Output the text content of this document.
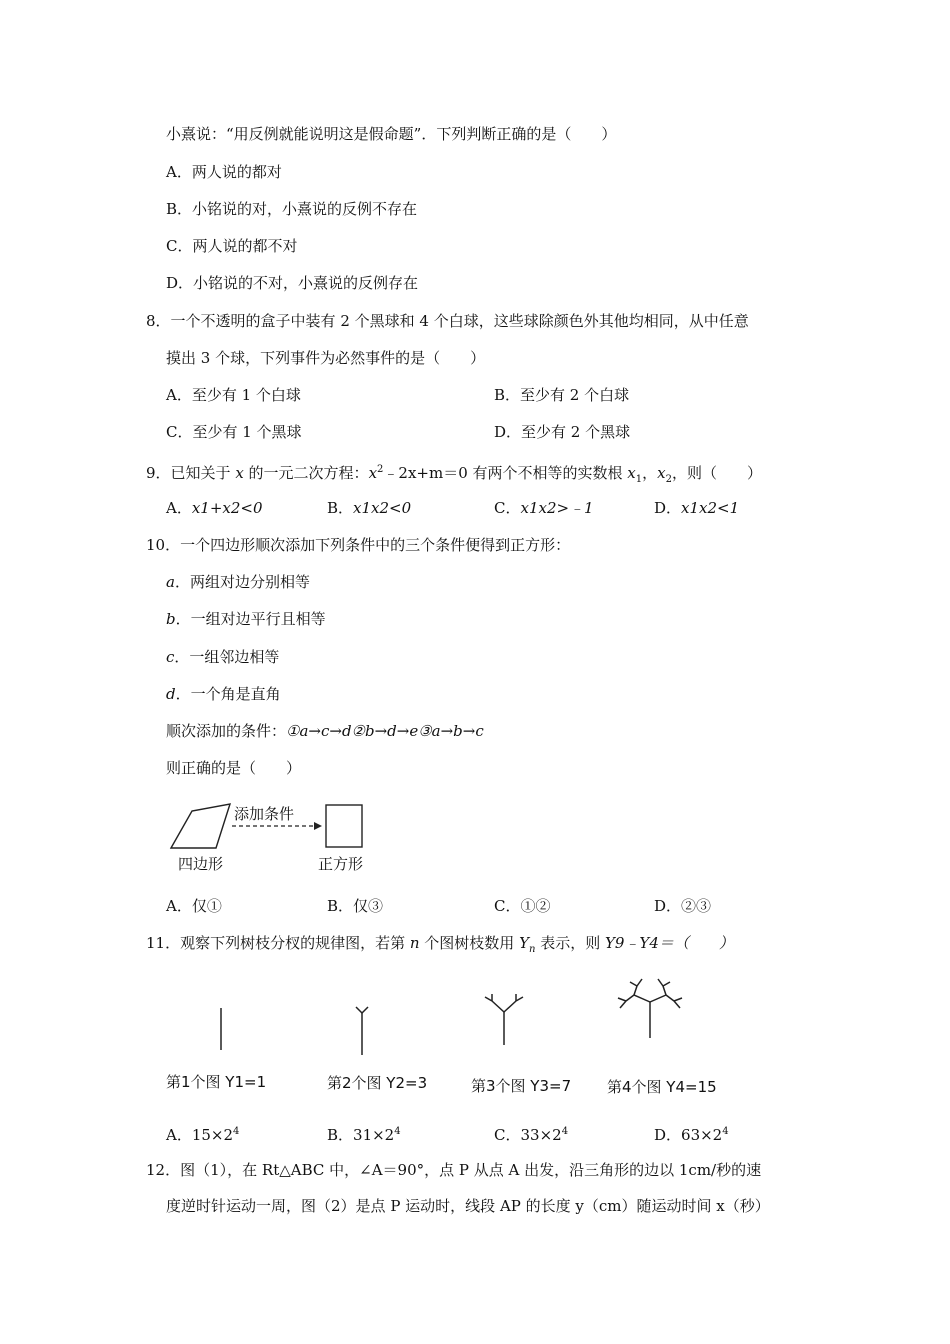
小熹说：“用反例就能说明这是假命题”．下列判断正确的是（　　）
A．两人说的都对
B．小铭说的对，小熹说的反例不存在
C．两人说的都不对
D．小铭说的不对，小熹说的反例存在
8．一个不透明的盒子中装有 2 个黑球和 4 个白球，这些球除颜色外其他均相同，从中任意
摸出 3 个球，下列事件为必然事件的是（　　）
A．至少有 1 个白球	B．至少有 2 个白球
C．至少有 1 个黑球	D．至少有 2 个黑球
9．已知关于 x 的一元二次方程：$x^2﹣2x+m=0$ 有两个不相等的实数根 $x_1$，$x_2$，则（　　）
A．x1+x2<0	B．x1x2<0	C．x1x2>﹣1	D．x1x2<1
10．一个四边形顺次添加下列条件中的三个条件便得到正方形：
a．两组对边分别相等
b．一组对边平行且相等
c．一组邻边相等
d．一个角是直角
顺次添加的条件：①a→c→d②b→d→e③a→b→c
则正确的是（　　）
添加条件
四边形	正方形
A．仅①	B．仅③	C．①②	D．②③
11．观察下列树枝分杈的规律图，若第 n 个图树枝数用 $Y_n$ 表示，则 Y9﹣Y4＝（　　）
第1个图 Y1=1	第2个图 Y2=3	第3个图 Y3=7 第4个图 Y4=15
A．$15\times 2^4$	B．$31\times 2^4$	C．$33\times 2^4$	D．$63\times 2^4$
12．图（1），在 Rt△ABC 中，∠A＝90°，点 P 从点 A 出发，沿三角形的边以 1cm/秒的速
度逆时针运动一周，图（2）是点 P 运动时，线段 AP 的长度 y（cm）随运动时间 x（秒）
